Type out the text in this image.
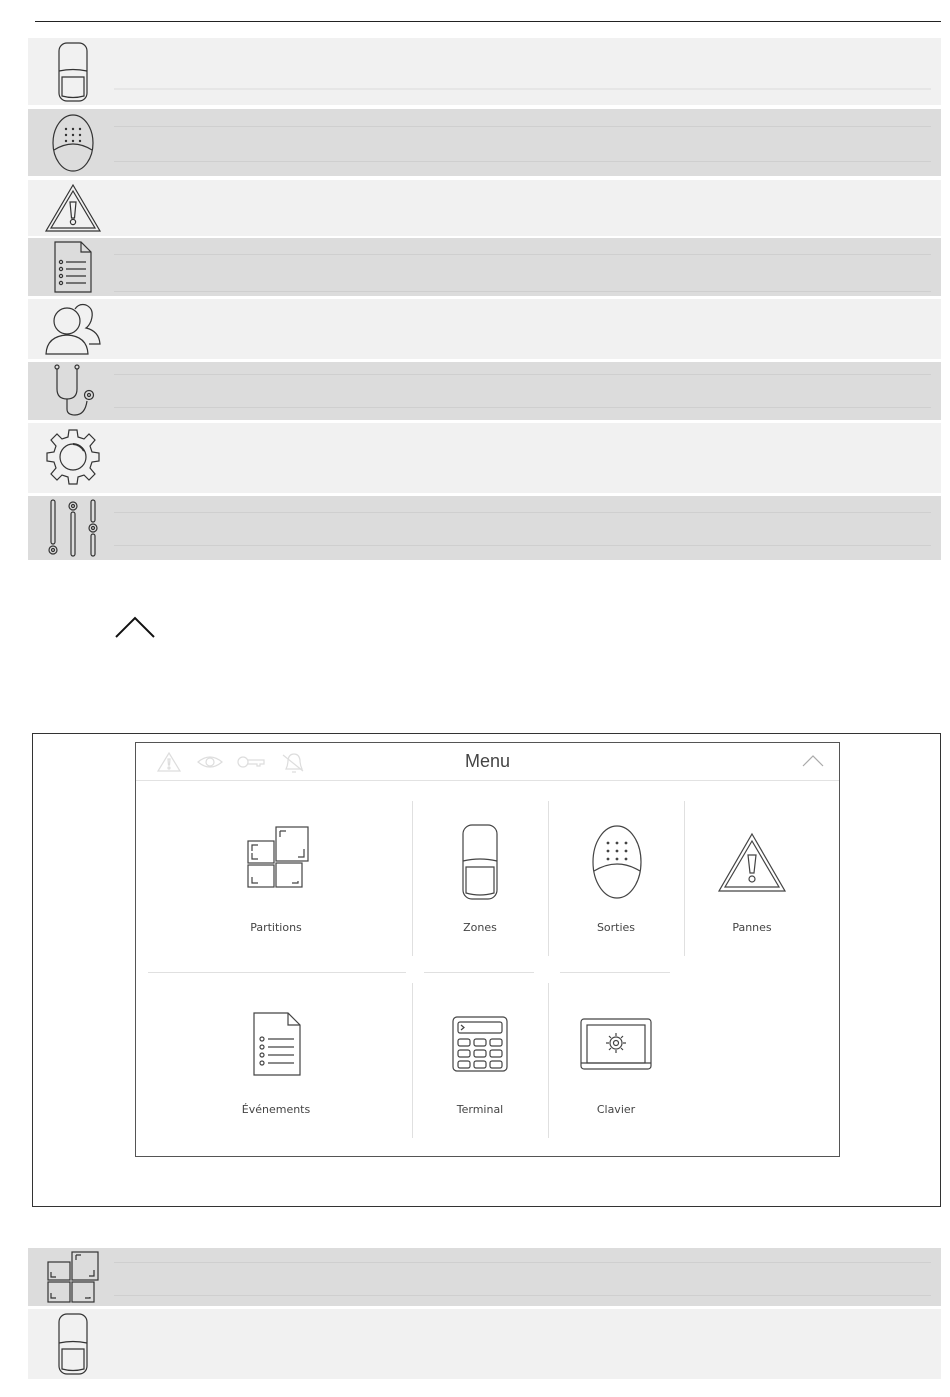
Menu
Partitions	Zones	Sorties	Pannes
Événements	Terminal	Clavier
